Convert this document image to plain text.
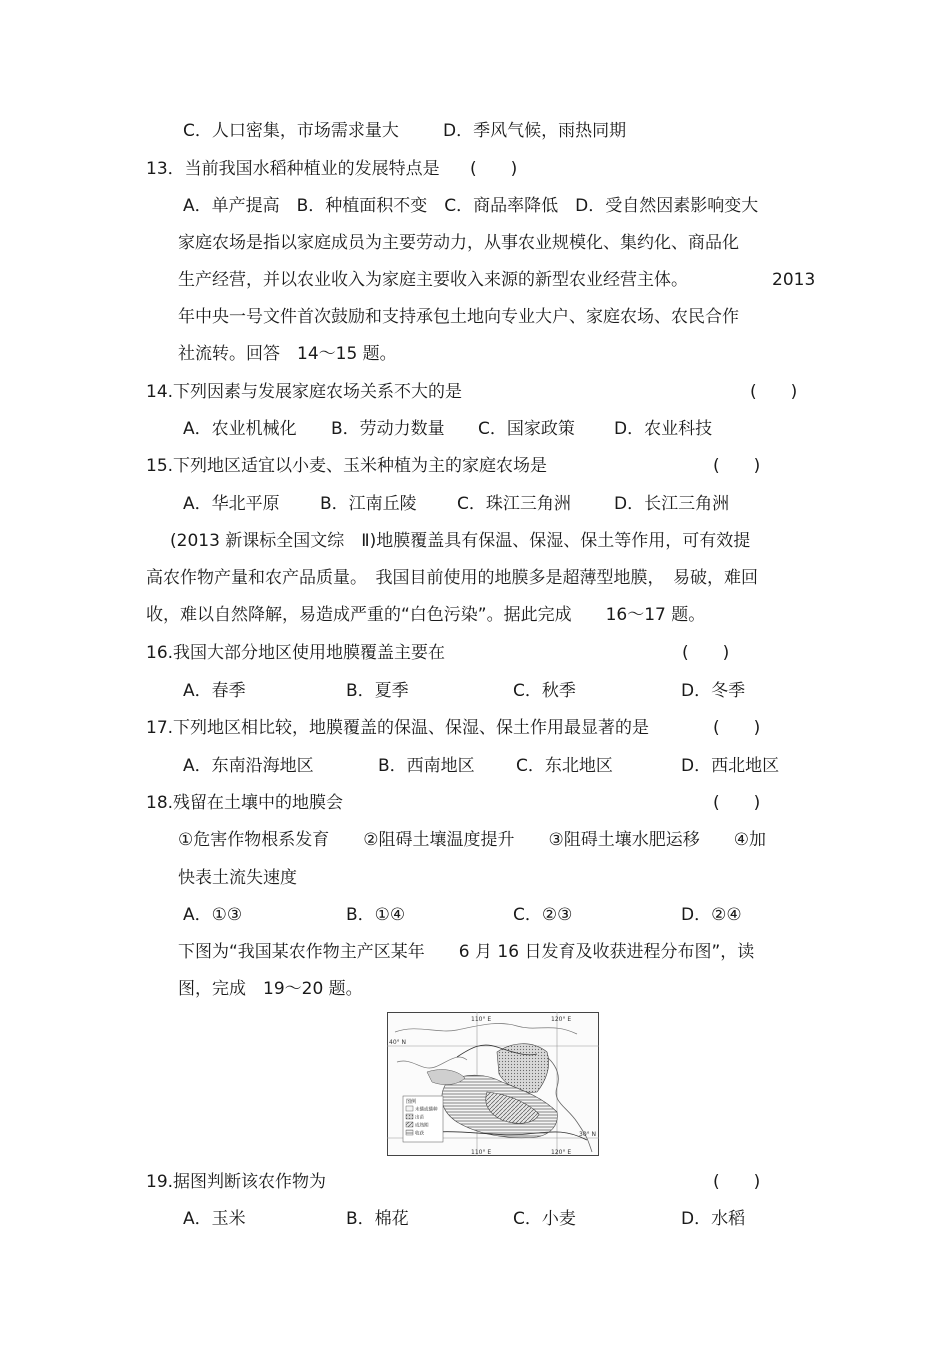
C．人口密集，市场需求量大	D．季风气候，雨热同期
13．当前我国水稻种植业的发展特点是 (　　)
A．单产提高　B．种植面积不变　C．商品率降低　D．受自然因素影响变大
家庭农场是指以家庭成员为主要劳动力，从事农业规模化、集约化、商品化
生产经营，并以农业收入为家庭主要收入来源的新型农业经营主体。	2013
年中央一号文件首次鼓励和支持承包土地向专业大户、家庭农场、农民合作
社流转。回答　14～15 题。
14.下列因素与发展家庭农场关系不大的是	(　　)
A．农业机械化 B．劳动力数量 C．国家政策 D．农业科技
15.下列地区适宜以小麦、玉米种植为主的家庭农场是	(　　)
A．华北平原 B．江南丘陵 C．珠江三角洲	D．长江三角洲
(2013 新课标全国文综　Ⅱ)地膜覆盖具有保温、保湿、保土等作用，可有效提
高农作物产量和农产品质量。　我国目前使用的地膜多是超薄型地膜，　易破，难回
收，难以自然降解，易造成严重的“白色污染”。据此完成　　16～17 题。
16.我国大部分地区使用地膜覆盖主要在	(　　)
A．春季	B．夏季	C．秋季	D．冬季
17.下列地区相比较，地膜覆盖的保温、保湿、保土作用最显著的是	(　　)
A．东南沿海地区	B．西南地区 C．东北地区	D．西北地区
18.残留在土壤中的地膜会	(　　)
①危害作物根系发育　　②阻碍土壤温度提升　　③阻碍土壤水肥运移　　④加
快表土流失速度
A．①③	B．①④	C．②③	D．②④
下图为“我国某农作物主产区某年　　6 月 16 日发育及收获进程分布图”，读
图，完成　19～20 题。
110° E	120° E
40° N
30° N
110° E	120° E
图例
未播或播种
出苗
成熟期
收获
19.据图判断该农作物为	(　　)
A．玉米	B．棉花	C．小麦	D．水稻
